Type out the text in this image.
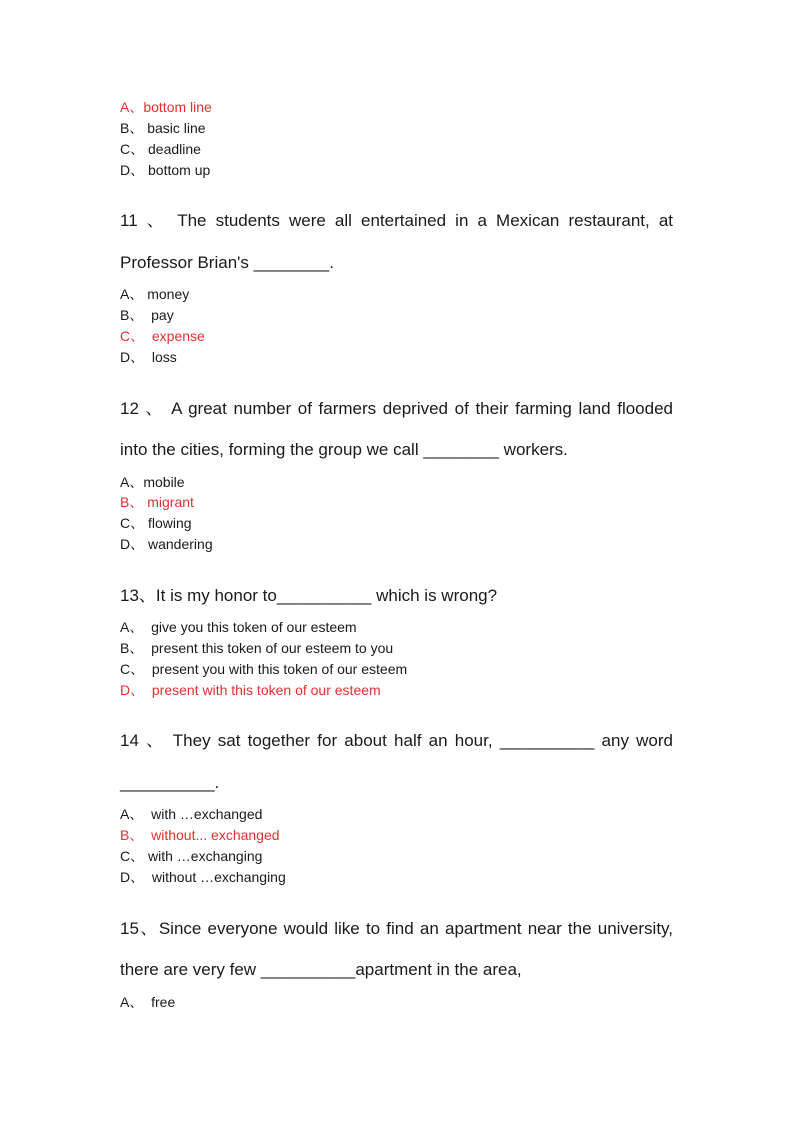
A、bottom line
B、 basic line
C、 deadline
D、 bottom up
11 、 The students were all entertained in a Mexican restaurant, at
Professor Brian's ________.
A、 money
B、  pay
C、  expense
D、  loss
12 、 A great number of farmers deprived of their farming land flooded
into the cities, forming the group we call ________ workers.
A、mobile
B、 migrant
C、 flowing
D、 wandering
13、It is my honor to__________ which is wrong?
A、  give you this token of our esteem
B、  present this token of our esteem to you
C、  present you with this token of our esteem
D、  present with this token of our esteem
14 、 They sat together for about half an hour, __________ any word
__________.
A、  with …exchanged
B、  without... exchanged
C、 with …exchanging
D、  without …exchanging
15、Since everyone would like to find an apartment near the university,
there are very few __________apartment in the area,
A、  free
